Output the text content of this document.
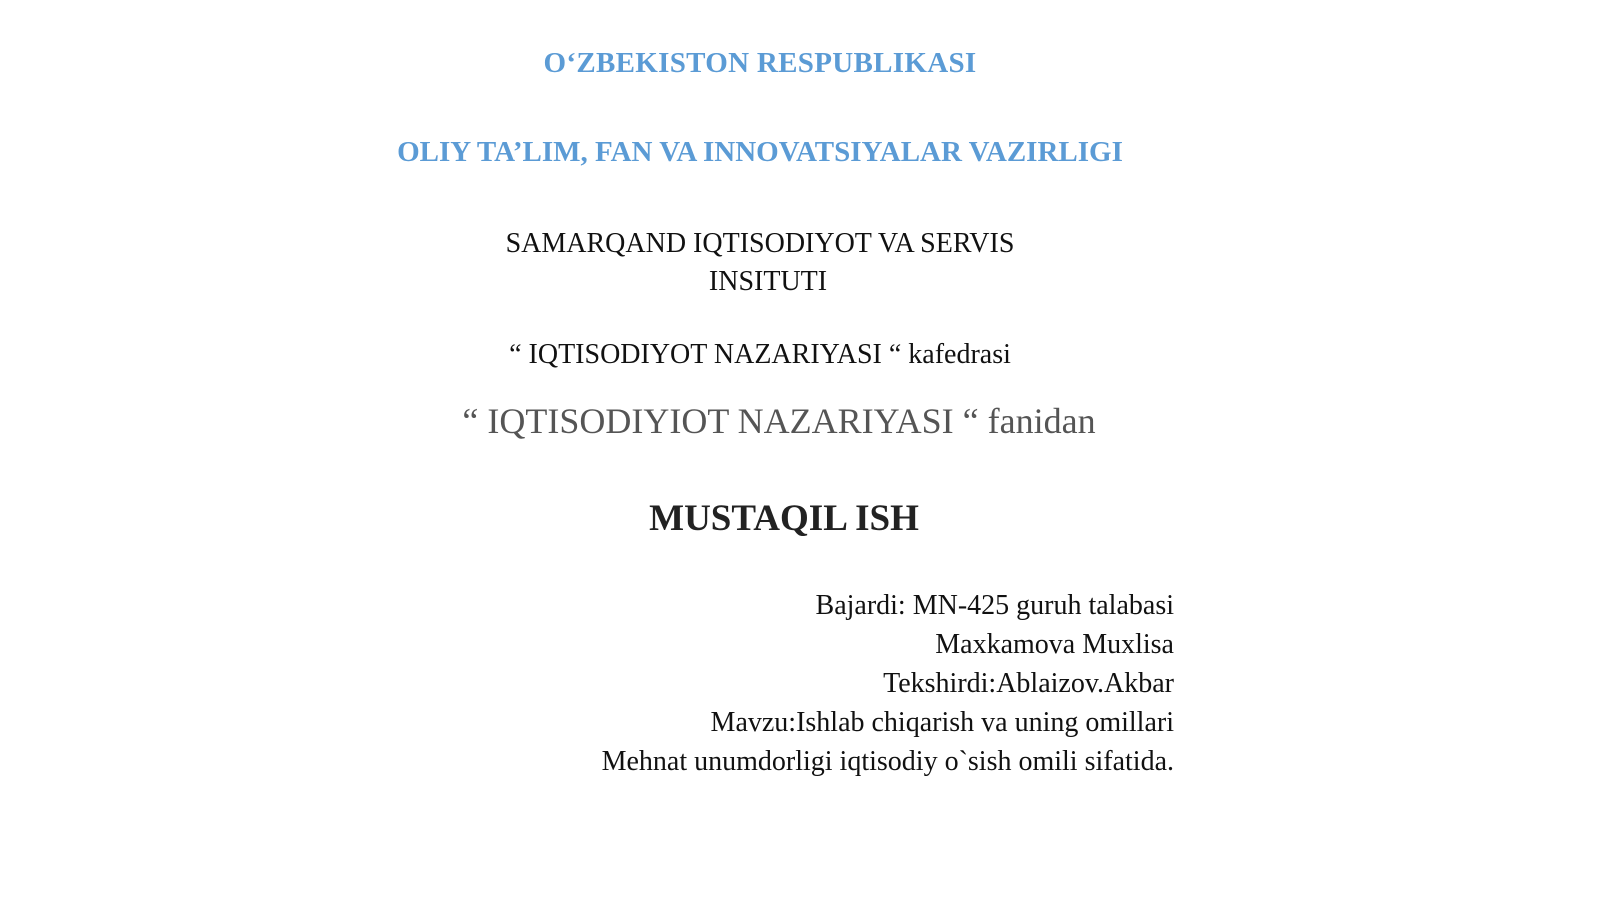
O‘ZBEKISTON RESPUBLIKASI
OLIY TA’LIM, FAN VA INNOVATSIYALAR VAZIRLIGI
SAMARQAND IQTISODIYOT VA SERVIS
INSITUTI
“ IQTISODIYOT NAZARIYASI “ kafedrasi
“ IQTISODIYIOT NAZARIYASI “ fanidan
MUSTAQIL ISH
Bajardi: MN-425 guruh talabasi
Maxkamova Muxlisa
Tekshirdi:Ablaizov.Akbar
Mavzu:Ishlab chiqarish va uning omillari
Mehnat unumdorligi iqtisodiy o`sish omili sifatida.
